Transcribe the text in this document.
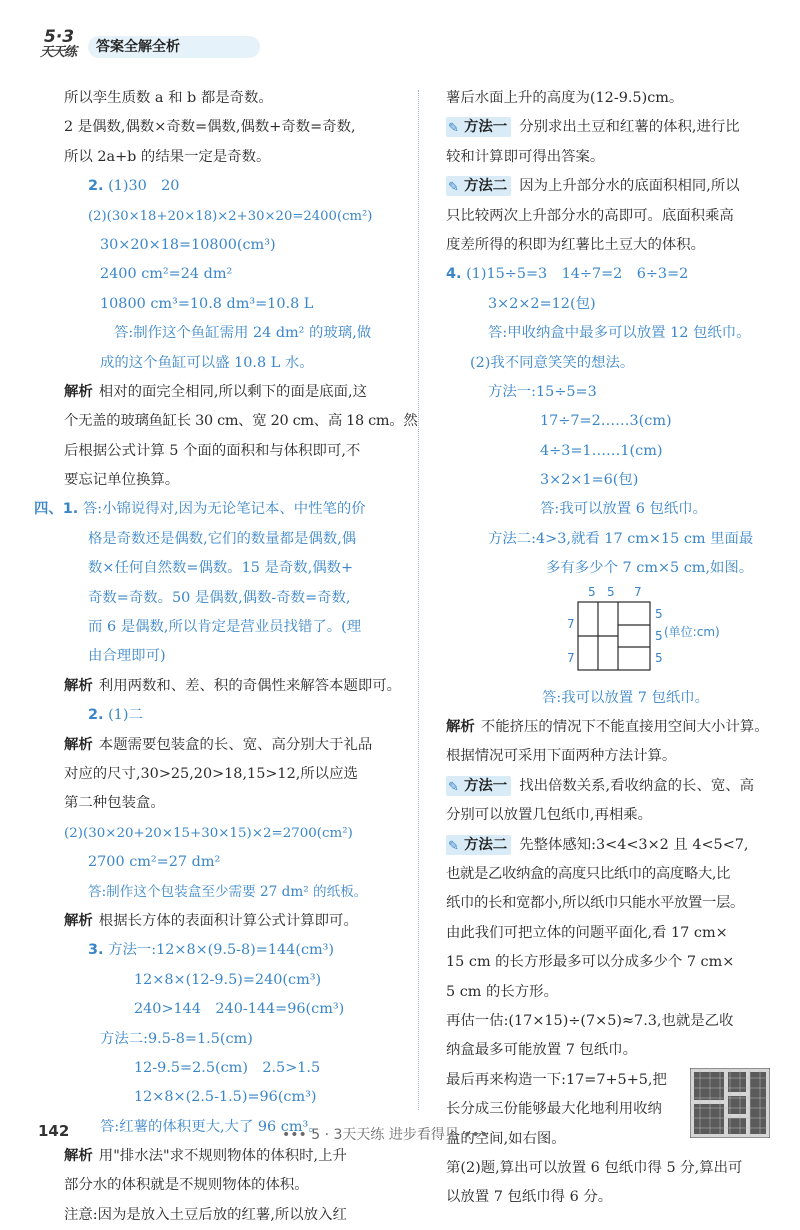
5·3
天天练	答案全解全析
所以孪生质数 a 和 b 都是奇数。
2 是偶数,偶数×奇数=偶数,偶数+奇数=奇数,
所以 2a+b 的结果一定是奇数。
2. (1)30　20
(2)(30×18+20×18)×2+30×20=2400(cm²)
30×20×18=10800(cm³)
2400 cm²=24 dm²
10800 cm³=10.8 dm³=10.8 L
答:制作这个鱼缸需用 24 dm² 的玻璃,做
成的这个鱼缸可以盛 10.8 L 水。
解析 相对的面完全相同,所以剩下的面是底面,这
个无盖的玻璃鱼缸长 30 cm、宽 20 cm、高 18 cm。然
后根据公式计算 5 个面的面积和与体积即可,不
要忘记单位换算。
四、1. 答:小锦说得对,因为无论笔记本、中性笔的价
格是奇数还是偶数,它们的数量都是偶数,偶
数×任何自然数=偶数。15 是奇数,偶数+
奇数=奇数。50 是偶数,偶数-奇数=奇数,
而 6 是偶数,所以肯定是营业员找错了。(理
由合理即可)
解析 利用两数和、差、积的奇偶性来解答本题即可。
2. (1)二
解析 本题需要包装盒的长、宽、高分别大于礼品
对应的尺寸,30>25,20>18,15>12,所以应选
第二种包装盒。
(2)(30×20+20×15+30×15)×2=2700(cm²)
2700 cm²=27 dm²
答:制作这个包装盒至少需要 27 dm² 的纸板。
解析 根据长方体的表面积计算公式计算即可。
3. 方法一:12×8×(9.5-8)=144(cm³)
12×8×(12-9.5)=240(cm³)
240>144　240-144=96(cm³)
方法二:9.5-8=1.5(cm)
12-9.5=2.5(cm)　2.5>1.5
12×8×(2.5-1.5)=96(cm³)
答:红薯的体积更大,大了 96 cm³。
解析 用"排水法"求不规则物体的体积时,上升
部分水的体积就是不规则物体的体积。
注意:因为是放入土豆后放的红薯,所以放入红
薯后水面上升的高度为(12-9.5)cm。
✎ 方法一 分别求出土豆和红薯的体积,进行比
较和计算即可得出答案。
✎ 方法二 因为上升部分水的底面积相同,所以
只比较两次上升部分水的高即可。底面积乘高
度差所得的积即为红薯比土豆大的体积。
4. (1)15÷5=3　14÷7=2　6÷3=2
3×2×2=12(包)
答:甲收纳盒中最多可以放置 12 包纸巾。
(2)我不同意笑笑的想法。
方法一:15÷5=3
17÷7=2……3(cm)
4÷3=1……1(cm)
3×2×1=6(包)
答:我可以放置 6 包纸巾。
方法二:4>3,就看 17 cm×15 cm 里面最
多有多少个 7 cm×5 cm,如图。
5 5 7
7
7
5
5
5
(单位:cm)
答:我可以放置 7 包纸巾。
解析 不能挤压的情况下不能直接用空间大小计算。
根据情况可采用下面两种方法计算。
✎ 方法一 找出倍数关系,看收纳盒的长、宽、高
分别可以放置几包纸巾,再相乘。
✎ 方法二 先整体感知:3<4<3×2 且 4<5<7,
也就是乙收纳盒的高度只比纸巾的高度略大,比
纸巾的长和宽都小,所以纸巾只能水平放置一层。
由此我们可把立体的问题平面化,看 17 cm×
15 cm 的长方形最多可以分成多少个 7 cm×
5 cm 的长方形。
再估一估:(17×15)÷(7×5)≈7.3,也就是乙收
纳盒最多可能放置 7 包纸巾。
最后再来构造一下:17=7+5+5,把
长分成三份能够最大化地利用收纳
盒的空间,如右图。
第(2)题,算出可以放置 6 包纸巾得 5 分,算出可
以放置 7 包纸巾得 6 分。
142	••• 5 · 3天天练 进步看得见 •••
